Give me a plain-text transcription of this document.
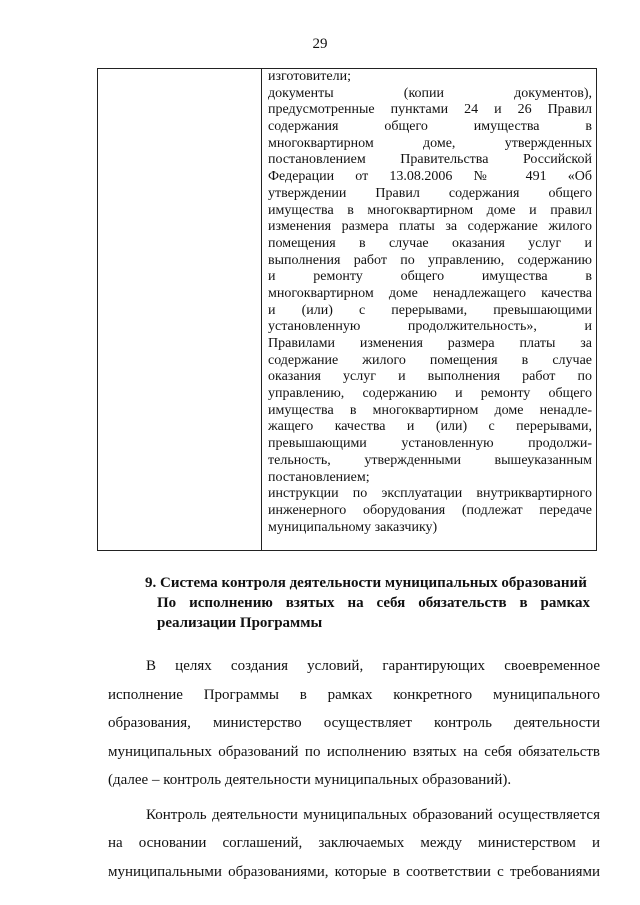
29
изготовители;
документы (копии документов),
предусмотренные пунктами 24 и 26 Правил
содержания общего имущества в
многоквартирном доме, утвержденных
постановлением Правительства Российской
Федерации от 13.08.2006 № 491 «Об
утверждении Правил содержания общего
имущества в многоквартирном доме и правил
изменения размера платы за содержание жилого
помещения в случае оказания услуг и
выполнения работ по управлению, содержанию
и ремонту общего имущества в
многоквартирном доме ненадлежащего качества
и (или) с перерывами, превышающими
установленную продолжительность», и
Правилами изменения размера платы за
содержание жилого помещения в случае
оказания услуг и выполнения работ по
управлению, содержанию и ремонту общего
имущества в многоквартирном доме ненадле-
жащего качества и (или) с перерывами,
превышающими установленную продолжи-
тельность, утвержденными вышеуказанным
постановлением;
инструкции по эксплуатации внутриквартирного
инженерного оборудования (подлежат передаче
муниципальному заказчику)
9. Система контроля деятельности муниципальных образований
По исполнению взятых на себя обязательств в рамках
реализации Программы
В целях создания условий, гарантирующих своевременное
исполнение Программы в рамках конкретного муниципального
образования, министерство осуществляет контроль деятельности
муниципальных образований по исполнению взятых на себя обязательств
(далее – контроль деятельности муниципальных образований).
Контроль деятельности муниципальных образований осуществляется
на основании соглашений, заключаемых между министерством и
муниципальными образованиями, которые в соответствии с требованиями
